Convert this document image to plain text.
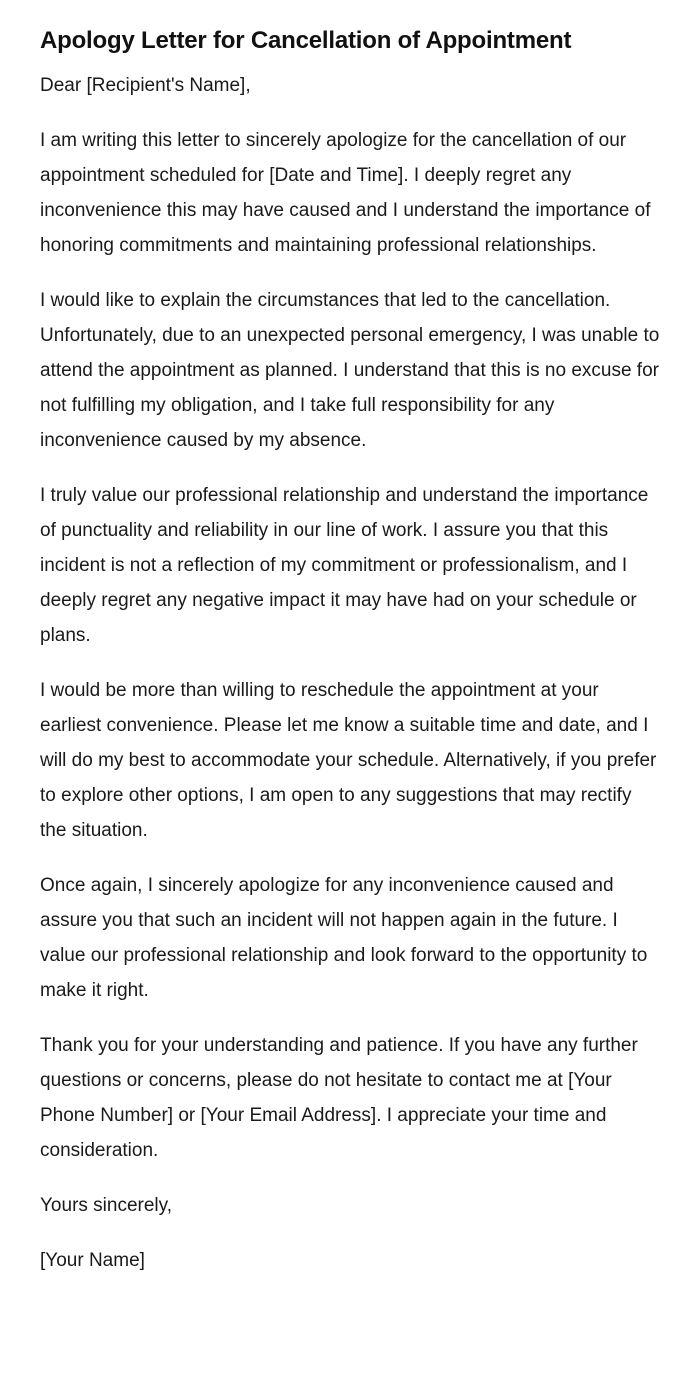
Apology Letter for Cancellation of Appointment

Dear [Recipient's Name],

I am writing this letter to sincerely apologize for the cancellation of our appointment scheduled for [Date and Time]. I deeply regret any inconvenience this may have caused and I understand the importance of honoring commitments and maintaining professional relationships.

I would like to explain the circumstances that led to the cancellation. Unfortunately, due to an unexpected personal emergency, I was unable to attend the appointment as planned. I understand that this is no excuse for not fulfilling my obligation, and I take full responsibility for any inconvenience caused by my absence.

I truly value our professional relationship and understand the importance of punctuality and reliability in our line of work. I assure you that this incident is not a reflection of my commitment or professionalism, and I deeply regret any negative impact it may have had on your schedule or plans.

I would be more than willing to reschedule the appointment at your earliest convenience. Please let me know a suitable time and date, and I will do my best to accommodate your schedule. Alternatively, if you prefer to explore other options, I am open to any suggestions that may rectify the situation.

Once again, I sincerely apologize for any inconvenience caused and assure you that such an incident will not happen again in the future. I value our professional relationship and look forward to the opportunity to make it right.

Thank you for your understanding and patience. If you have any further questions or concerns, please do not hesitate to contact me at [Your Phone Number] or [Your Email Address]. I appreciate your time and consideration.

Yours sincerely,

[Your Name]
